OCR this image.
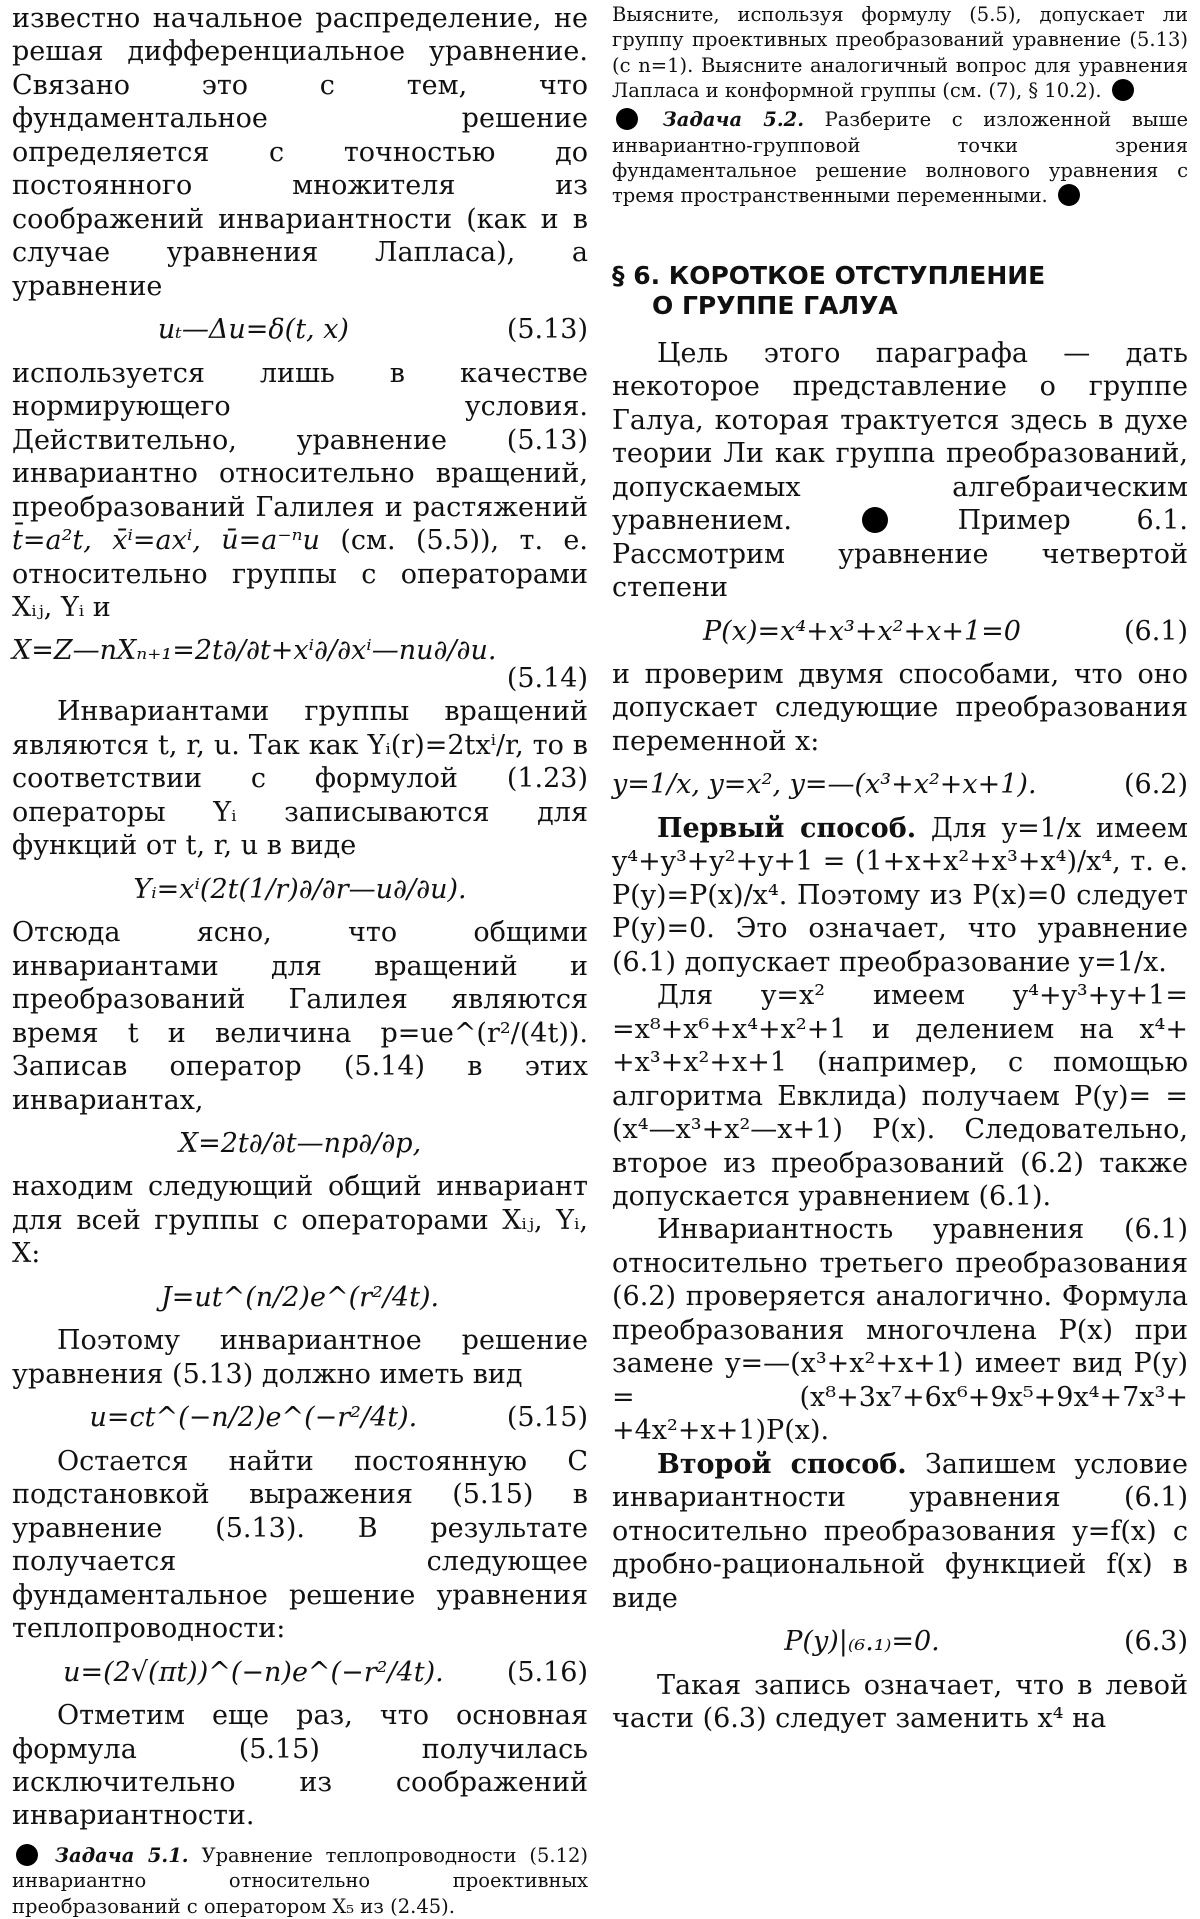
известно начальное распределение, не решая дифференциальное уравнение. Связано это с тем, что фундаментальное решение определяется с точностью до постоянного множителя из соображений инвариантности (как и в случае уравнения Лапласа), а уравнение

uₜ—Δu=δ(t, x)	(5.13)

используется лишь в качестве нормирующего условия. Действительно, уравнение (5.13) инвариантно относительно вращений, преобразований Галилея и растяжений t̄=a²t, x̄ⁱ=axⁱ, ū=a⁻ⁿu (см. (5.5)), т. е. относительно группы с операторами Xᵢⱼ, Yᵢ и

X=Z—nXₙ₊₁=2t∂/∂t+xⁱ∂/∂xⁱ—nu∂/∂u.
(5.14)

Инвариантами группы вращений являются t, r, u. Так как Yᵢ(r)=2txⁱ/r, то в соответствии с формулой (1.23) операторы Yᵢ записываются для функций от t, r, u в виде

Yᵢ=xⁱ(2t(1/r)∂/∂r—u∂/∂u).

Отсюда ясно, что общими инвариантами для вращений и преобразований Галилея являются время t и величина p=ue^(r²/(4t)). Записав оператор (5.14) в этих инвариантах,

X=2t∂/∂t—np∂/∂p,

находим следующий общий инвариант для всей группы с операторами Xᵢⱼ, Yᵢ, X:

J=ut^(n/2)e^(r²/4t).

Поэтому инвариантное решение уравнения (5.13) должно иметь вид

u=ct^(−n/2)e^(−r²/4t).	(5.15)

Остается найти постоянную C подстановкой выражения (5.15) в уравнение (5.13). В результате получается следующее фундаментальное решение уравнения теплопроводности:

u=(2√(πt))^(−n)e^(−r²/4t).	(5.16)

Отметим еще раз, что основная формула (5.15) получилась исключительно из соображений инвариантности.

Задача 5.1. Уравнение теплопроводности (5.12) инвариантно относительно проективных преобразований с оператором X₅ из (2.45).

Выясните, используя формулу (5.5), допускает ли группу проективных преобразований уравнение (5.13) (с n=1). Выясните аналогичный вопрос для уравнения Лапласа и конформной группы (см. (7), § 10.2).

Задача 5.2. Разберите с изложенной выше инвариантно-групповой точки зрения фундаментальное решение волнового уравнения с тремя пространственными переменными.

§ 6. КОРОТКОЕ ОТСТУПЛЕНИЕ
О ГРУППЕ ГАЛУА

Цель этого параграфа — дать некоторое представление о группе Галуа, которая трактуется здесь в духе теории Ли как группа преобразований, допускаемых алгебраическим уравнением.	Пример 6.1. Рассмотрим уравнение четвертой степени

P(x)=x⁴+x³+x²+x+1=0	(6.1)

и проверим двумя способами, что оно допускает следующие преобразования переменной x:

y=1/x, y=x², y=—(x³+x²+x+1).	(6.2)

Первый способ. Для y=1/x имеем y⁴+y³+y²+y+1 = (1+x+x²+x³+x⁴)/x⁴, т. е. P(y)=P(x)/x⁴. Поэтому из P(x)=0 следует P(y)=0. Это означает, что уравнение (6.1) допускает преобразование y=1/x.

Для y=x² имеем y⁴+y³+y+1= =x⁸+x⁶+x⁴+x²+1 и делением на x⁴+ +x³+x²+x+1 (например, с помощью алгоритма Евклида) получаем P(y)= =(x⁴—x³+x²—x+1) P(x). Следовательно, второе из преобразований (6.2) также допускается уравнением (6.1).

Инвариантность уравнения (6.1) относительно третьего преобразования (6.2) проверяется аналогично. Формула преобразования многочлена P(x) при замене y=—(x³+x²+x+1) имеет вид P(y) = (x⁸+3x⁷+6x⁶+9x⁵+9x⁴+7x³+ +4x²+x+1)P(x).

Второй способ. Запишем условие инвариантности уравнения (6.1) относительно преобразования y=f(x) с дробно-рациональной функцией f(x) в виде

P(y)|₍₆.₁₎=0.	(6.3)

Такая запись означает, что в левой части (6.3) следует заменить x⁴ на
